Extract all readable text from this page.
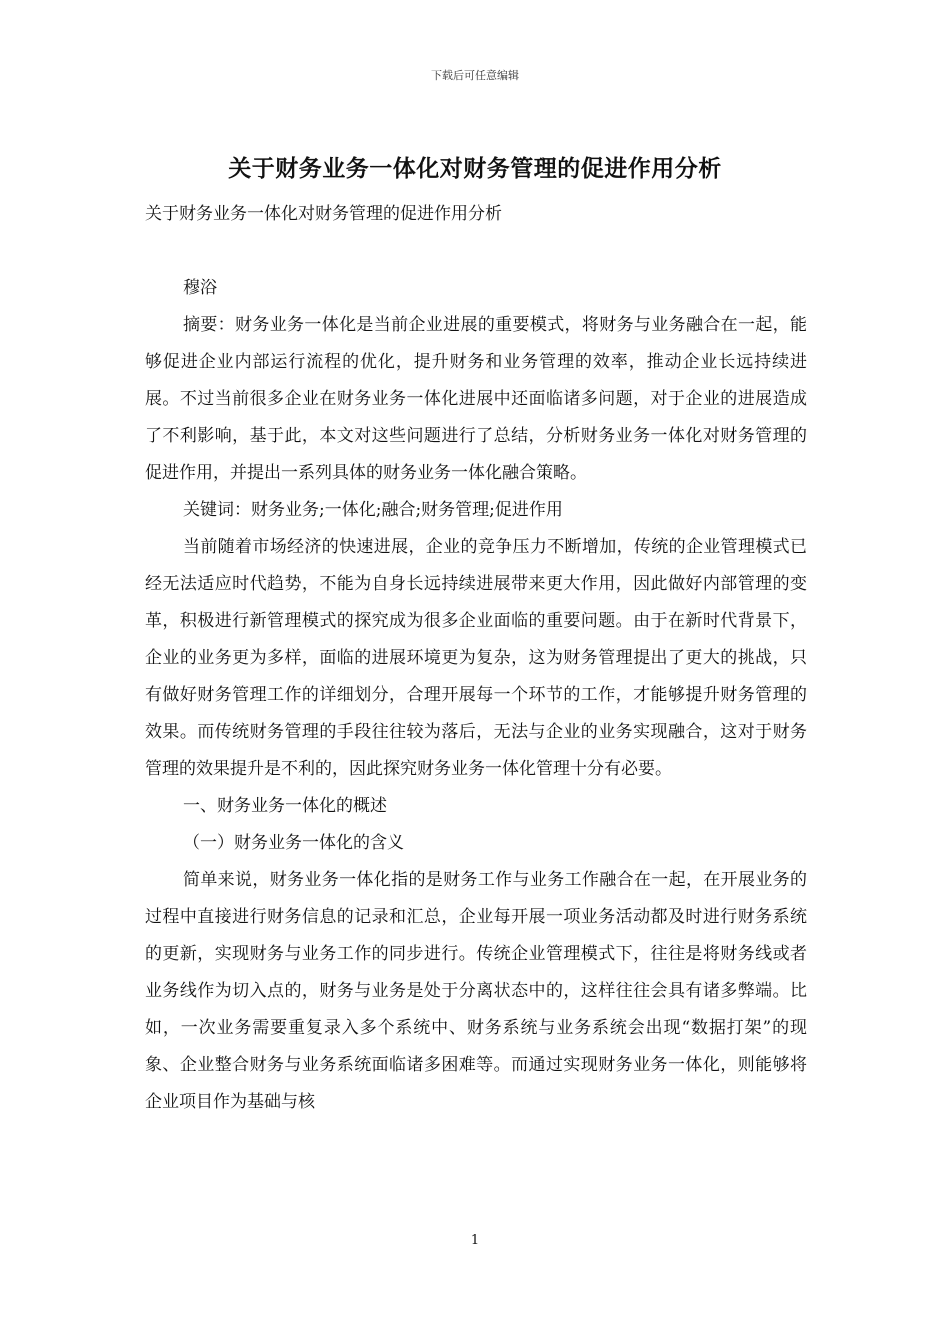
下载后可任意编辑
关于财务业务一体化对财务管理的促进作用分析

关于财务业务一体化对财务管理的促进作用分析

穆浴

摘要：财务业务一体化是当前企业进展的重要模式，将财务与业务融合在一起，能够促进企业内部运行流程的优化，提升财务和业务管理的效率，推动企业长远持续进展。不过当前很多企业在财务业务一体化进展中还面临诸多问题，对于企业的进展造成了不利影响，基于此，本文对这些问题进行了总结，分析财务业务一体化对财务管理的促进作用，并提出一系列具体的财务业务一体化融合策略。

关键词：财务业务;一体化;融合;财务管理;促进作用

当前随着市场经济的快速进展，企业的竞争压力不断增加，传统的企业管理模式已经无法适应时代趋势，不能为自身长远持续进展带来更大作用，因此做好内部管理的变革，积极进行新管理模式的探究成为很多企业面临的重要问题。由于在新时代背景下，企业的业务更为多样，面临的进展环境更为复杂，这为财务管理提出了更大的挑战，只有做好财务管理工作的详细划分，合理开展每一个环节的工作，才能够提升财务管理的效果。而传统财务管理的手段往往较为落后，无法与企业的业务实现融合，这对于财务管理的效果提升是不利的，因此探究财务业务一体化管理十分有必要。

一、财务业务一体化的概述

（一）财务业务一体化的含义

简单来说，财务业务一体化指的是财务工作与业务工作融合在一起，在开展业务的过程中直接进行财务信息的记录和汇总，企业每开展一项业务活动都及时进行财务系统的更新，实现财务与业务工作的同步进行。传统企业管理模式下，往往是将财务线或者业务线作为切入点的，财务与业务是处于分离状态中的，这样往往会具有诸多弊端。比如，一次业务需要重复录入多个系统中、财务系统与业务系统会出现“数据打架”的现象、企业整合财务与业务系统面临诸多困难等。而通过实现财务业务一体化，则能够将企业项目作为基础与核

1
